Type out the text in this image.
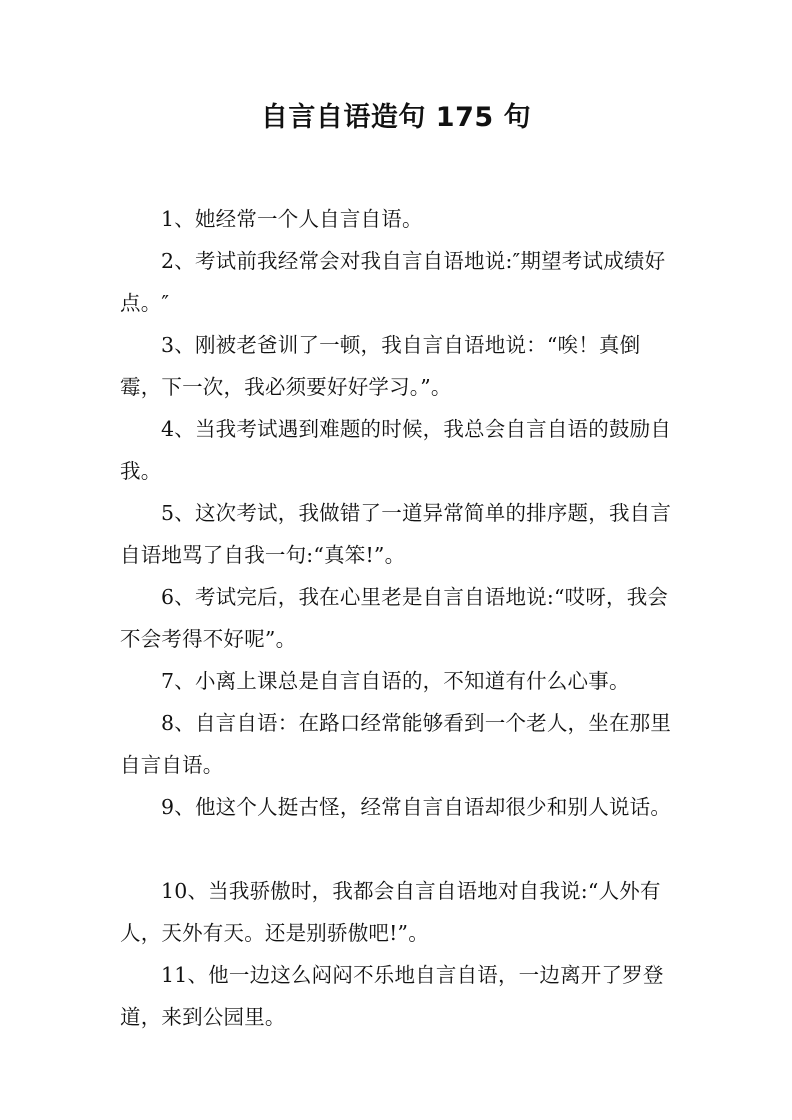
自言自语造句 175 句

1、她经常一个人自言自语。

2、考试前我经常会对我自言自语地说:″期望考试成绩好点。″

3、刚被老爸训了一顿，我自言自语地说：“唉！真倒霉，下一次，我必须要好好学习。”。

4、当我考试遇到难题的时候，我总会自言自语的鼓励自我。

5、这次考试，我做错了一道异常简单的排序题，我自言自语地骂了自我一句:“真笨!”。

6、考试完后，我在心里老是自言自语地说:“哎呀，我会不会考得不好呢”。

7、小离上课总是自言自语的，不知道有什么心事。

8、自言自语：在路口经常能够看到一个老人，坐在那里自言自语。

9、他这个人挺古怪，经常自言自语却很少和别人说话。

10、当我骄傲时，我都会自言自语地对自我说:“人外有人，天外有天。还是别骄傲吧!”。

11、他一边这么闷闷不乐地自言自语，一边离开了罗登道，来到公园里。
